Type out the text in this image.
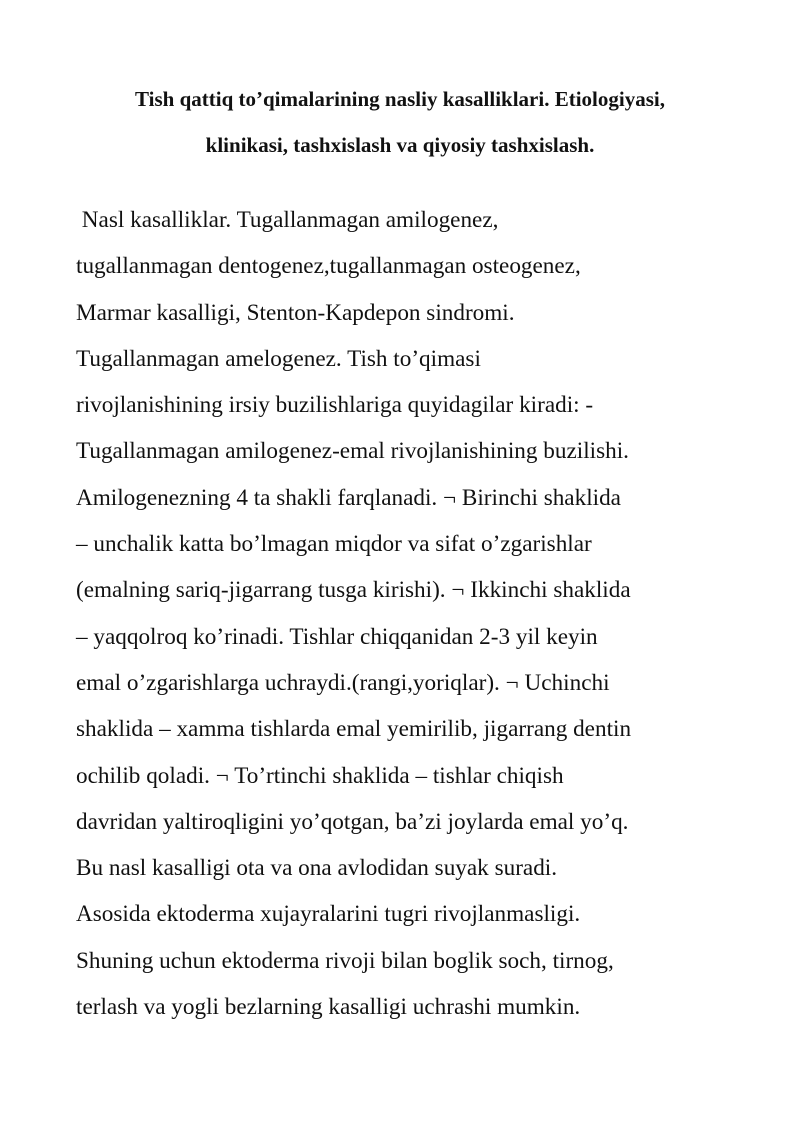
Tish qattiq to’qimalarining nasliy kasalliklari. Etiologiyasi,
klinikasi, tashxislash va qiyosiy tashxislash.
Nasl kasalliklar. Tugallanmagan amilogenez,
tugallanmagan dentogenez,tugallanmagan osteogenez,
Marmar kasalligi, Stenton-Kapdepon sindromi.
Tugallanmagan amelogenez. Tish to’qimasi
rivojlanishining irsiy buzilishlariga quyidagilar kiradi: -
Tugallanmagan amilogenez-emal rivojlanishining buzilishi.
Amilogenezning 4 ta shakli farqlanadi. ¬ Birinchi shaklida
– unchalik katta bo’lmagan miqdor va sifat o’zgarishlar
(emalning sariq-jigarrang tusga kirishi). ¬ Ikkinchi shaklida
– yaqqolroq ko’rinadi. Tishlar chiqqanidan 2-3 yil keyin
emal o’zgarishlarga uchraydi.(rangi,yoriqlar). ¬ Uchinchi
shaklida – xamma tishlarda emal yemirilib, jigarrang dentin
ochilib qoladi. ¬ To’rtinchi shaklida – tishlar chiqish
davridan yaltiroqligini yo’qotgan, ba’zi joylarda emal yo’q.
Bu nasl kasalligi ota va ona avlodidan suyak suradi.
Asosida ektoderma xujayralarini tugri rivojlanmasligi.
Shuning uchun ektoderma rivoji bilan boglik soch, tirnog,
terlash va yogli bezlarning kasalligi uchrashi mumkin.
